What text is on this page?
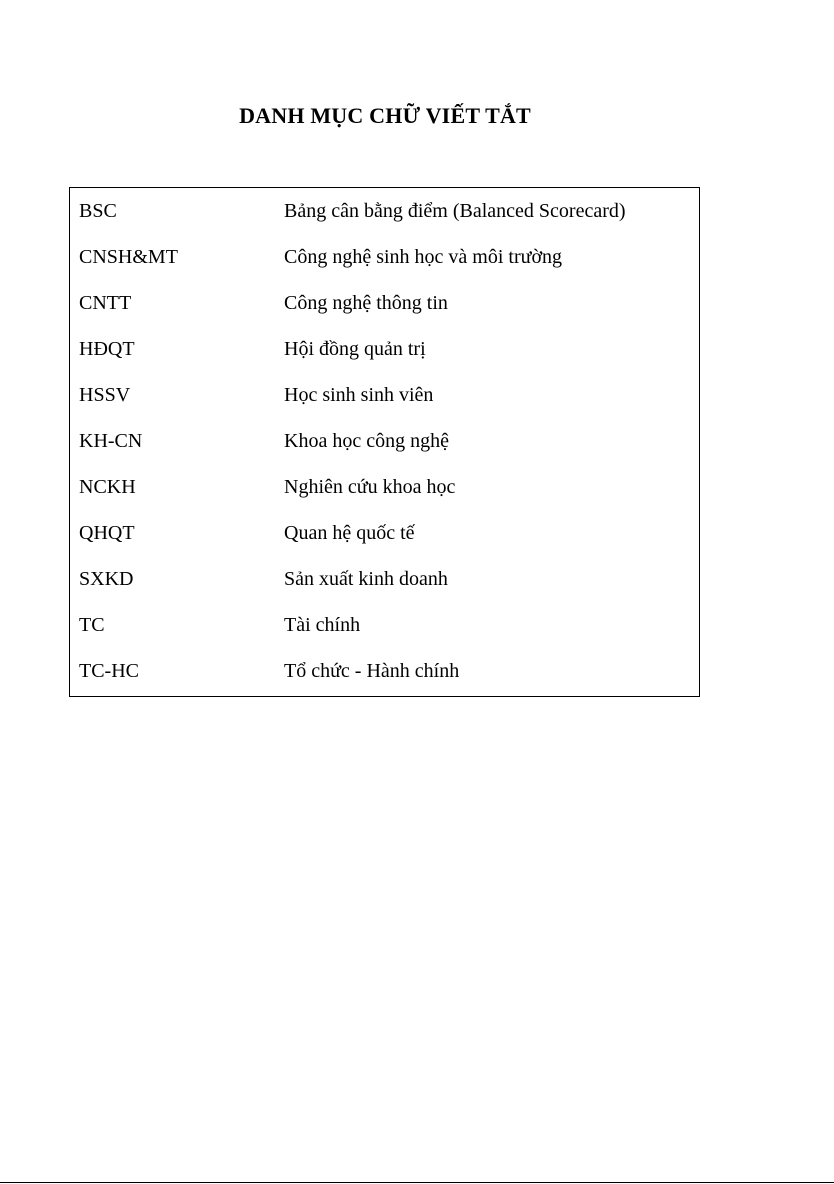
DANH MỤC CHỮ VIẾT TẮT
BSC	Bảng cân bằng điểm (Balanced Scorecard)
CNSH&MT	Công nghệ sinh học và môi trường
CNTT	Công nghệ thông tin
HĐQT	Hội đồng quản trị
HSSV	Học sinh sinh viên
KH-CN	Khoa học công nghệ
NCKH	Nghiên cứu khoa học
QHQT	Quan hệ quốc tế
SXKD	Sản xuất kinh doanh
TC	Tài chính
TC-HC	Tổ chức - Hành chính
